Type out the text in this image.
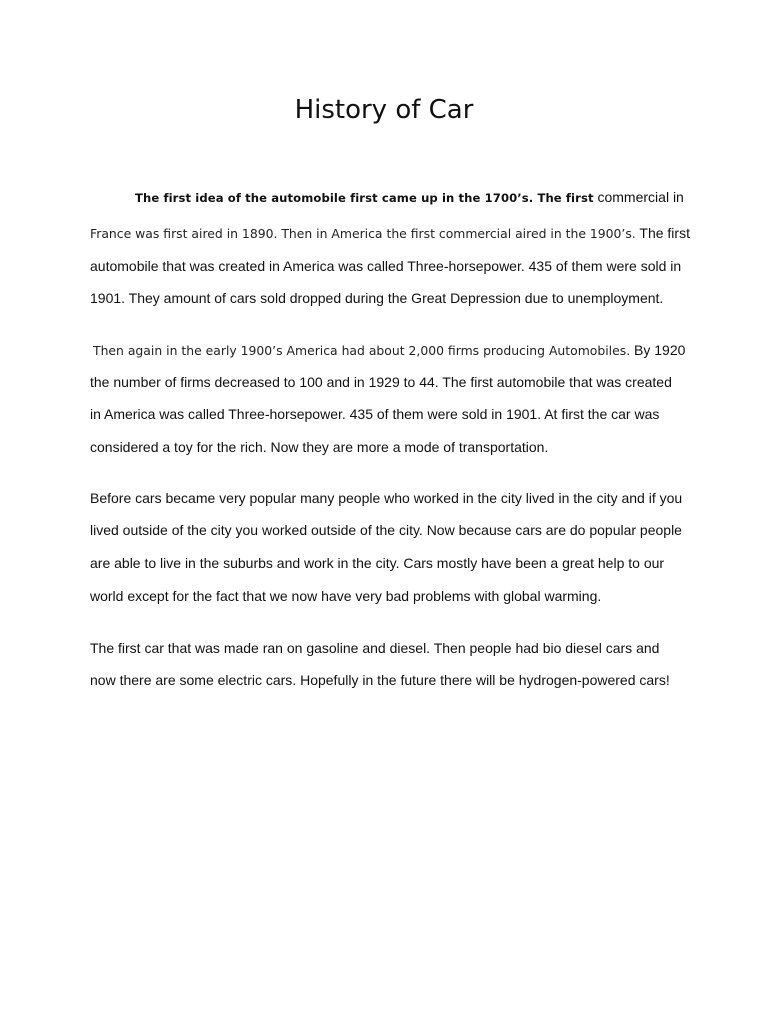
History of Car
The first idea of the automobile first came up in the 1700’s. The first commercial in
France was first aired in 1890. Then in America the first commercial aired in the 1900’s. The first
automobile that was created in America was called Three-horsepower. 435 of them were sold in
1901. They amount of cars sold dropped during the Great Depression due to unemployment.
Then again in the early 1900’s America had about 2,000 firms producing Automobiles. By 1920
the number of firms decreased to 100 and in 1929 to 44. The first automobile that was created
in America was called Three-horsepower. 435 of them were sold in 1901. At first the car was
considered a toy for the rich. Now they are more a mode of transportation.
Before cars became very popular many people who worked in the city lived in the city and if you
lived outside of the city you worked outside of the city. Now because cars are do popular people
are able to live in the suburbs and work in the city. Cars mostly have been a great help to our
world except for the fact that we now have very bad problems with global warming.
The first car that was made ran on gasoline and diesel. Then people had bio diesel cars and
now there are some electric cars. Hopefully in the future there will be hydrogen-powered cars!
